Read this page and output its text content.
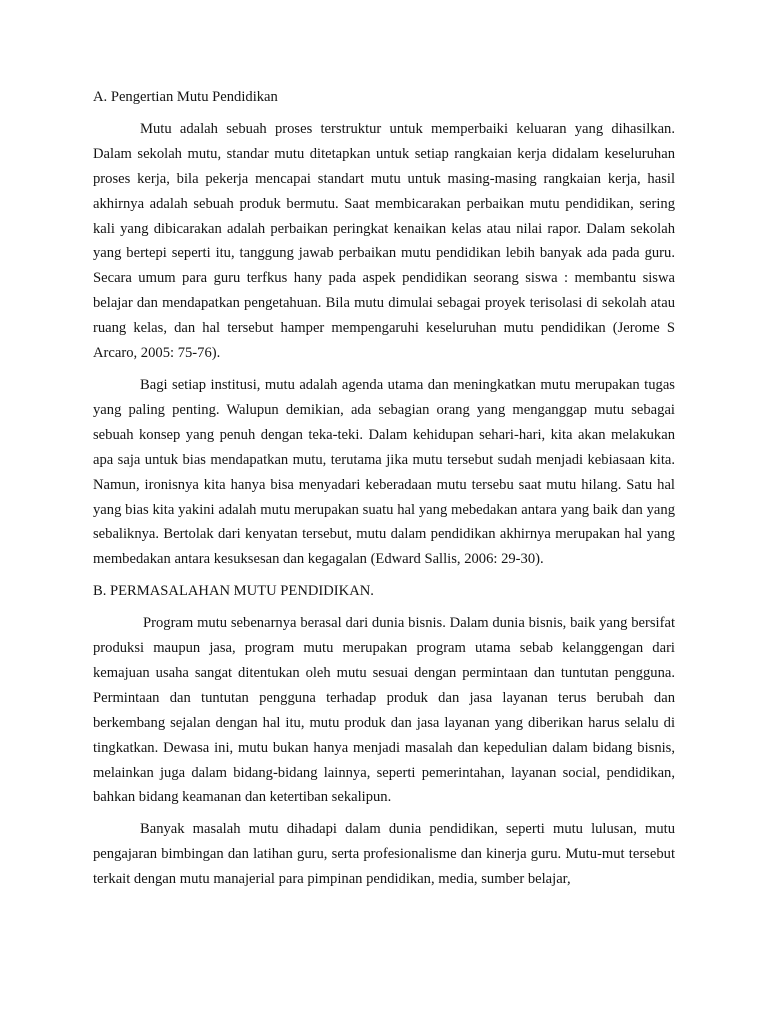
A. Pengertian Mutu Pendidikan

Mutu adalah sebuah proses terstruktur untuk memperbaiki keluaran yang dihasilkan. Dalam sekolah mutu, standar mutu ditetapkan untuk setiap rangkaian kerja didalam keseluruhan proses kerja, bila pekerja mencapai standart mutu untuk masing-masing rangkaian kerja, hasil akhirnya adalah sebuah produk bermutu. Saat membicarakan perbaikan mutu pendidikan, sering kali yang dibicarakan adalah perbaikan peringkat kenaikan kelas atau nilai rapor. Dalam sekolah yang bertepi seperti itu, tanggung jawab perbaikan mutu pendidikan lebih banyak ada pada guru. Secara umum para guru terfkus hany pada aspek pendidikan seorang siswa : membantu siswa belajar dan mendapatkan pengetahuan. Bila mutu dimulai sebagai proyek terisolasi di sekolah atau ruang kelas, dan hal tersebut hamper mempengaruhi keseluruhan mutu pendidikan (Jerome S Arcaro, 2005: 75-76).

Bagi setiap institusi, mutu adalah agenda utama dan meningkatkan mutu merupakan tugas yang paling penting. Walupun demikian, ada sebagian orang yang menganggap mutu sebagai sebuah konsep yang penuh dengan teka-teki. Dalam kehidupan sehari-hari, kita akan melakukan apa saja untuk bias mendapatkan mutu, terutama jika mutu tersebut sudah menjadi kebiasaan kita. Namun, ironisnya kita hanya bisa menyadari keberadaan mutu tersebu saat mutu hilang. Satu hal yang bias kita yakini adalah mutu merupakan suatu hal yang mebedakan antara yang baik dan yang sebaliknya. Bertolak dari kenyatan tersebut, mutu dalam pendidikan akhirnya merupakan hal yang membedakan antara kesuksesan dan kegagalan (Edward Sallis, 2006: 29-30).

B. PERMASALAHAN MUTU PENDIDIKAN.

Program mutu sebenarnya berasal dari dunia bisnis. Dalam dunia bisnis, baik yang bersifat produksi maupun jasa, program mutu merupakan program utama sebab kelanggengan dari kemajuan usaha sangat ditentukan oleh mutu sesuai dengan permintaan dan tuntutan pengguna. Permintaan dan tuntutan pengguna terhadap produk dan jasa layanan terus berubah dan berkembang sejalan dengan hal itu, mutu produk dan jasa layanan yang diberikan harus selalu di tingkatkan. Dewasa ini, mutu bukan hanya menjadi masalah dan kepedulian dalam bidang bisnis, melainkan juga dalam bidang-bidang lainnya, seperti pemerintahan, layanan social, pendidikan, bahkan bidang keamanan dan ketertiban sekalipun.

Banyak masalah mutu dihadapi dalam dunia pendidikan, seperti mutu lulusan, mutu pengajaran bimbingan dan latihan guru, serta profesionalisme dan kinerja guru. Mutu-mut tersebut terkait dengan mutu manajerial para pimpinan pendidikan, media, sumber belajar,
